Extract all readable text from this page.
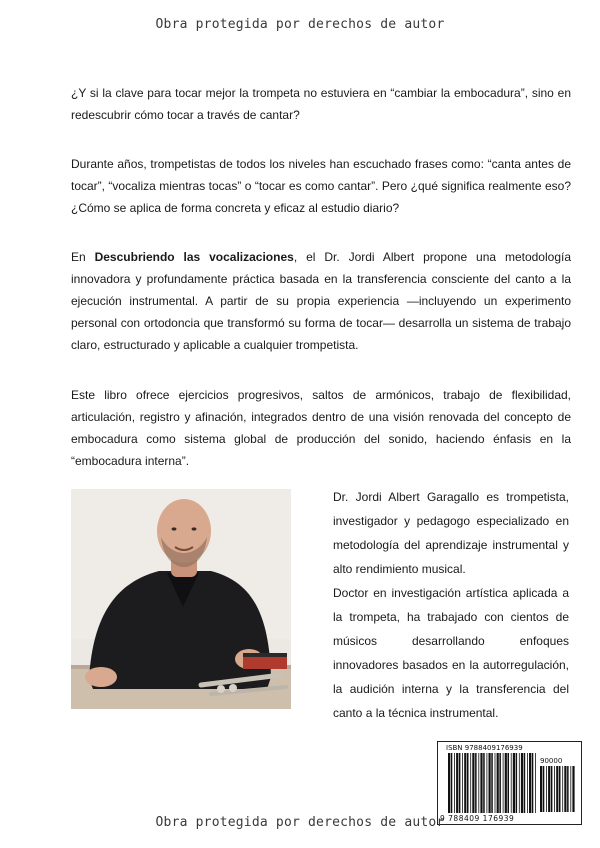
Obra protegida por derechos de autor

¿Y si la clave para tocar mejor la trompeta no estuviera en “cambiar la embocadura”, sino en redescubrir cómo tocar a través de cantar?

Durante años, trompetistas de todos los niveles han escuchado frases como: “canta antes de tocar”, “vocaliza mientras tocas” o “tocar es como cantar”. Pero ¿qué significa realmente eso? ¿Cómo se aplica de forma concreta y eficaz al estudio diario?

En Descubriendo las vocalizaciones, el Dr. Jordi Albert propone una metodología innovadora y profundamente práctica basada en la transferencia consciente del canto a la ejecución instrumental. A partir de su propia experiencia —incluyendo un experimento personal con ortodoncia que transformó su forma de tocar— desarrolla un sistema de trabajo claro, estructurado y aplicable a cualquier trompetista.

Este libro ofrece ejercicios progresivos, saltos de armónicos, trabajo de flexibilidad, articulación, registro y afinación, integrados dentro de una visión renovada del concepto de embocadura como sistema global de producción del sonido, haciendo énfasis en la “embocadura interna”.

Dr. Jordi Albert Garagallo es trompetista, investigador y pedagogo especializado en metodología del aprendizaje instrumental y alto rendimiento musical.

Doctor en investigación artística aplicada a la trompeta, ha trabajado con cientos de músicos desarrollando enfoques innovadores basados en la autorregulación, la audición interna y la transferencia del canto a la técnica instrumental.

ISBN 9788409176939
90000
9 788409 176939
Obra protegida por derechos de autor
